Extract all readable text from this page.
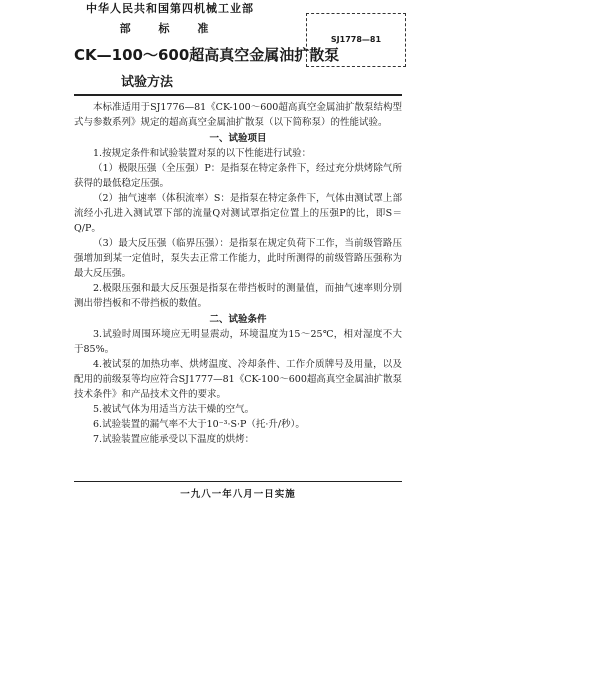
中华人民共和国第四机械工业部
部 标 准
SJ1778—81
CK—100～600超高真空金属油扩散泵
试验方法

本标准适用于SJ1776—81《CK-100～600超高真空金属油扩散泵结构型式与参数系列》规定的超高真空金属油扩散泵（以下简称泵）的性能试验。

一、试验项目

1.按规定条件和试验装置对泵的以下性能进行试验：

（1）极限压强（全压强）P：是指泵在特定条件下，经过充分烘烤除气所获得的最低稳定压强。

（2）抽气速率（体积流率）S：是指泵在特定条件下，气体由测试罩上部流经小孔进入测试罩下部的流量Q对测试罩指定位置上的压强P的比，即S＝Q/P。

（3）最大反压强（临界压强）：是指泵在规定负荷下工作，当前级管路压强增加到某一定值时，泵失去正常工作能力，此时所测得的前级管路压强称为最大反压强。

2.极限压强和最大反压强是指泵在带挡板时的测量值，而抽气速率则分别测出带挡板和不带挡板的数值。

二、试验条件

3.试验时周围环境应无明显震动，环境温度为15～25℃，相对湿度不大于85%。

4.被试泵的加热功率、烘烤温度、冷却条件、工作介质牌号及用量，以及配用的前级泵等均应符合SJ1777—81《CK-100～600超高真空金属油扩散泵技术条件》和产品技术文件的要求。

5.被试气体为用适当方法干燥的空气。

6.试验装置的漏气率不大于10⁻³·S·P（托·升/秒）。

7.试验装置应能承受以下温度的烘烤：

一九八一年八月一日实施
